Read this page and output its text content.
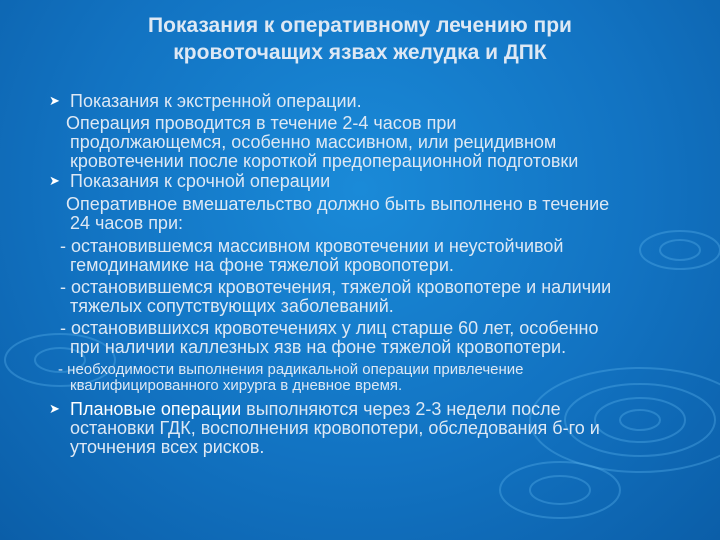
Показания к оперативному лечению при
кровоточащих язвах желудка и ДПК
➤ Показания к экстренной операции.
Операция проводится в течение 2-4 часов при
продолжающемся, особенно массивном, или рецидивном
кровотечении после короткой предоперационной подготовки
➤ Показания к срочной операции
Оперативное вмешательство должно быть выполнено в течение
24 часов при:
- остановившемся массивном кровотечении и неустойчивой
гемодинамике на фоне тяжелой кровопотери.
- остановившемся кровотечения, тяжелой кровопотере и наличии
тяжелых сопутствующих заболеваний.
- остановившихся кровотечениях у лиц старше 60 лет, особенно
при наличии каллезных язв на фоне тяжелой кровопотери.
- необходимости выполнения радикальной операции привлечение
квалифицированного хирурга в дневное время.
➤ Плановые операции выполняются через 2-3 недели после
остановки ГДК, восполнения кровопотери, обследования б-го и
уточнения всех рисков.
